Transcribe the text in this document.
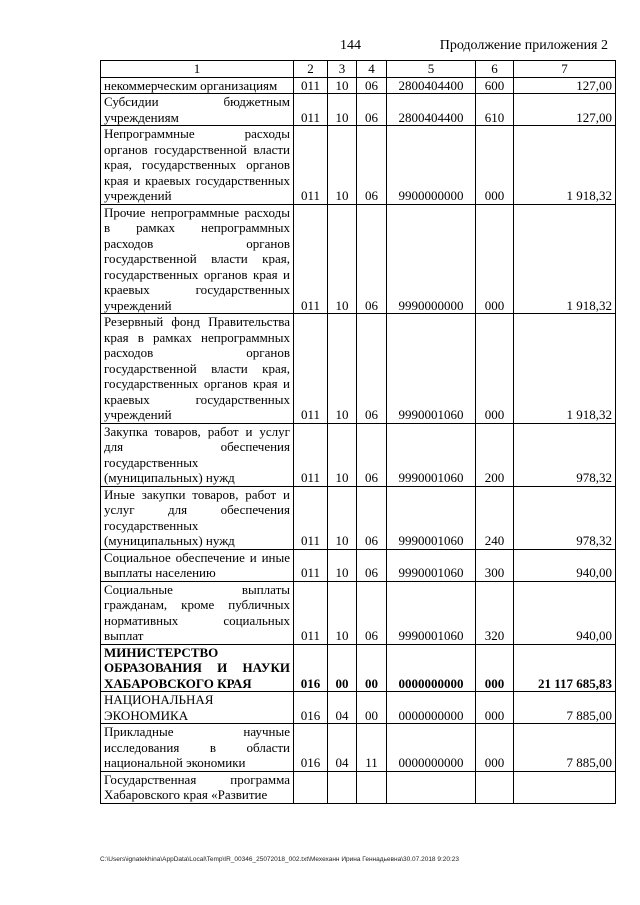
144	Продолжение приложения 2
1	2	3	4	5	6	7
некоммерческим организациям	011	10	06	2800404400	600	127,00
Субсидии бюджетным учреждениям	011	10	06	2800404400	610	127,00
Непрограммные расходы органов государственной власти края, государственных органов края и краевых государственных учреждений	011	10	06	9900000000	000	1 918,32
Прочие непрограммные расходы в рамках непрограммных расходов органов государственной власти края, государственных органов края и краевых государственных учреждений	011	10	06	9990000000	000	1 918,32
Резервный фонд Правительства края в рамках непрограммных расходов органов государственной власти края, государственных органов края и краевых государственных учреждений	011	10	06	9990001060	000	1 918,32
Закупка товаров, работ и услуг для обеспечения государственных (муниципальных) нужд	011	10	06	9990001060	200	978,32
Иные закупки товаров, работ и услуг для обеспечения государственных (муниципальных) нужд	011	10	06	9990001060	240	978,32
Социальное обеспечение и иные выплаты населению	011	10	06	9990001060	300	940,00
Социальные выплаты гражданам, кроме публичных нормативных социальных выплат	011	10	06	9990001060	320	940,00
МИНИСТЕРСТВО ОБРАЗОВАНИЯ И НАУКИ ХАБАРОВСКОГО КРАЯ	016	00	00	0000000000	000	21 117 685,83
НАЦИОНАЛЬНАЯ ЭКОНОМИКА	016	04	00	0000000000	000	7 885,00
Прикладные научные исследования в области национальной экономики	016	04	11	0000000000	000	7 885,00
Государственная программа Хабаровского края «Развитие						
C:\Users\ignatekhina\AppData\Local\Temp\IR_00346_25072018_002.txt\Мехеханн Ирина Геннадьевна\30.07.2018 9:20:23
